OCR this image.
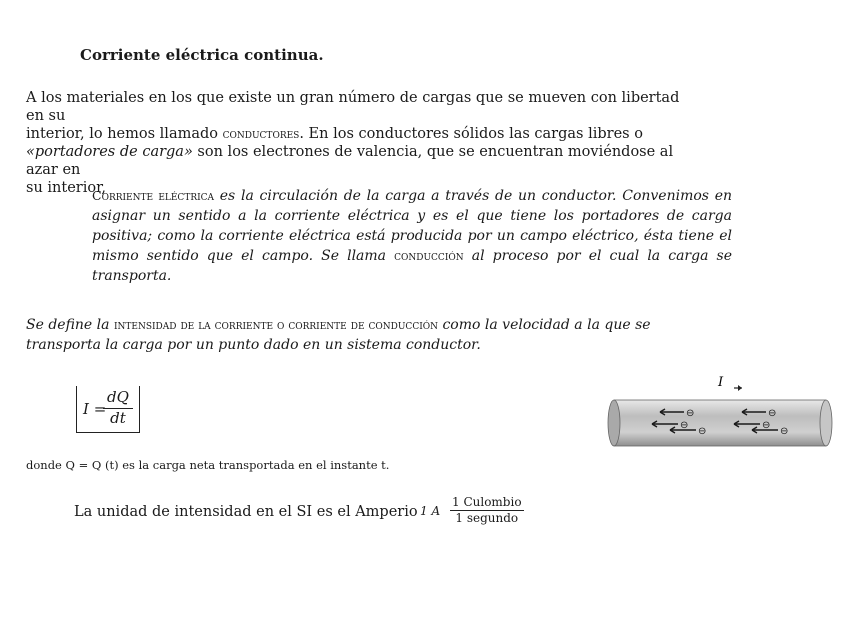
Corriente eléctrica continua.
A los materiales en los que existe un gran número de cargas que se mueven con libertad en su
interior, lo hemos llamado conductores. En los conductores sólidos las cargas libres o
«portadores de carga» son los electrones de valencia, que se encuentran moviéndose al azar en
su interior,
Corriente eléctrica es la circulación de la carga a través de un conductor. Convenimos en asignar un sentido a la corriente eléctrica y es el que tiene los portadores de carga positiva; como la corriente eléctrica está producida por un campo eléctrico, ésta tiene el mismo sentido que el campo. Se llama conducción al proceso por el cual la carga se transporta.
Se define la intensidad de la corriente o corriente de conducción como la velocidad a la que se transporta la carga por un punto dado en un sistema conductor.
I =
$\frac{dQ}{dt}$
donde Q = Q (t) es la carga neta transportada en el instante t.
La unidad de intensidad en el SI es el Amperio 1 A
1 Culombio
1 segundo
I
⊖
⊖
⊖
⊖
⊖
⊖
